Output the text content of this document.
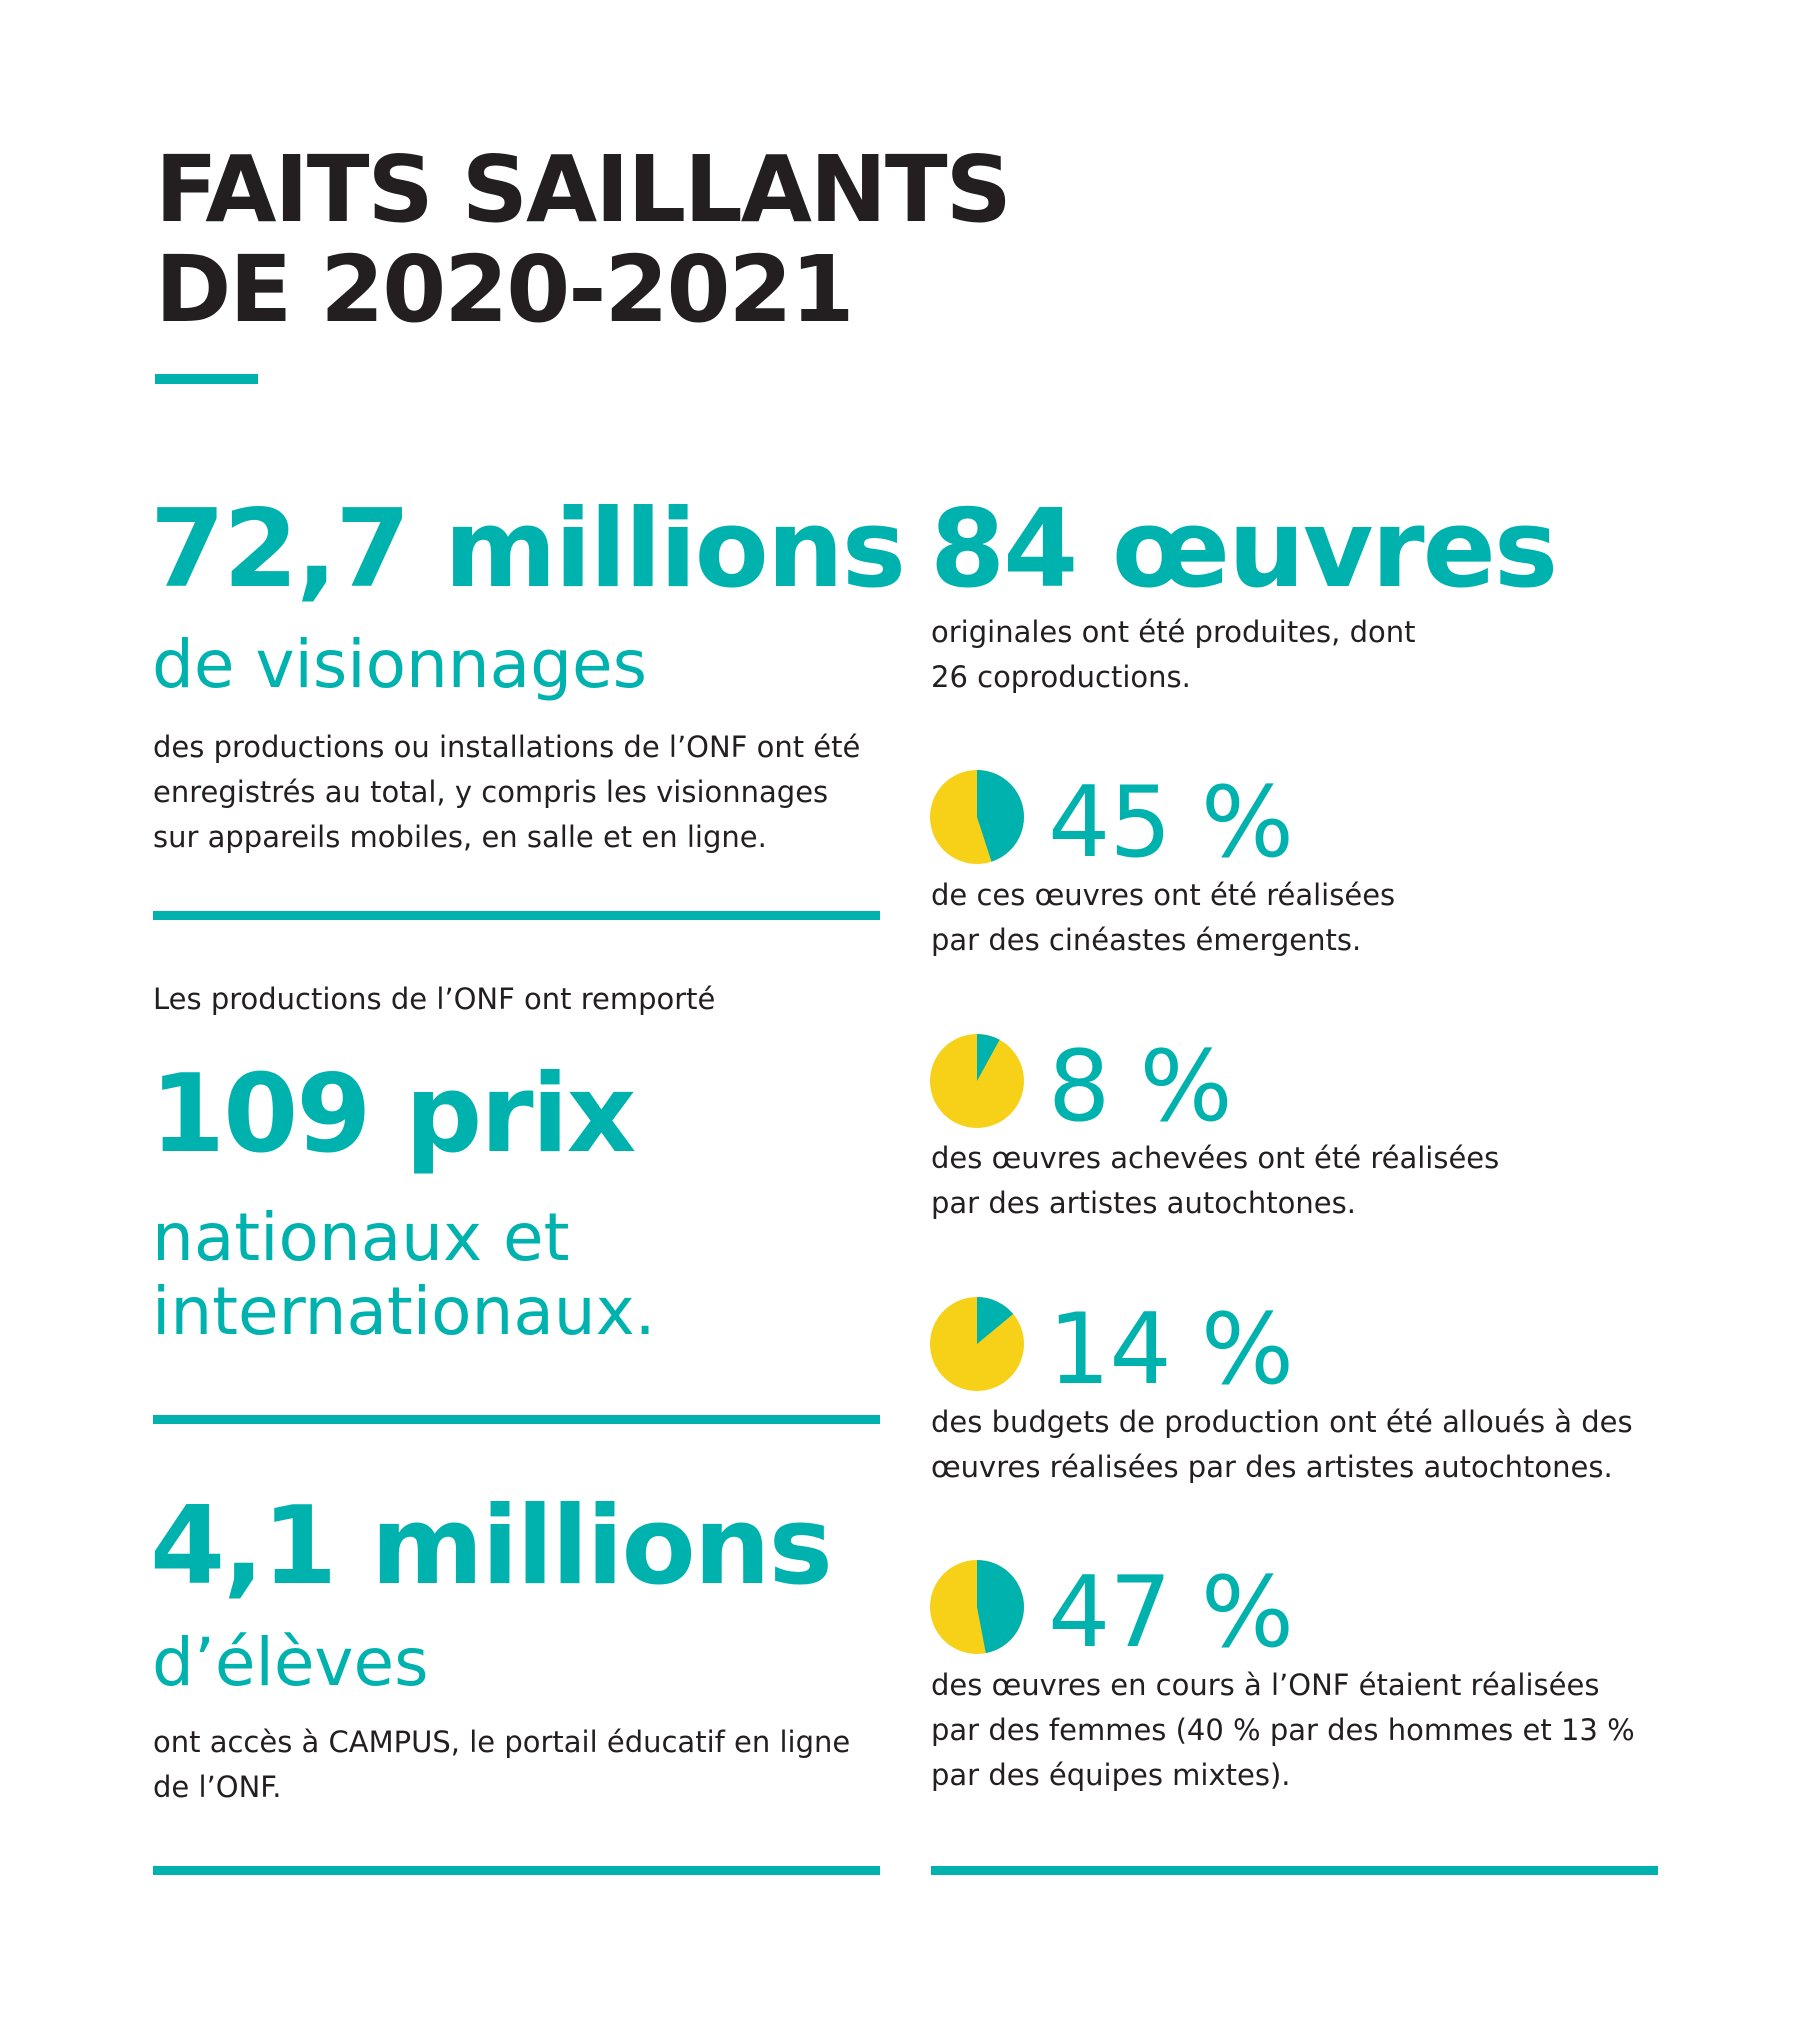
FAITS SAILLANTS
DE 2020-2021
72,7 millions
de visionnages
des productions ou installations de l’ONF ont été
enregistrés au total, y compris les visionnages
sur appareils mobiles, en salle et en ligne.
Les productions de l’ONF ont remporté
109 prix
nationaux et
internationaux.
4,1 millions
d’élèves
ont accès à CAMPUS, le portail éducatif en ligne
de l’ONF.
84 œuvres
originales ont été produites, dont
26 coproductions.
45 %
de ces œuvres ont été réalisées
par des cinéastes émergents.
8 %
des œuvres achevées ont été réalisées
par des artistes autochtones.
14 %
des budgets de production ont été alloués à des
œuvres réalisées par des artistes autochtones.
47 %
des œuvres en cours à l’ONF étaient réalisées
par des femmes (40 % par des hommes et 13 %
par des équipes mixtes).
